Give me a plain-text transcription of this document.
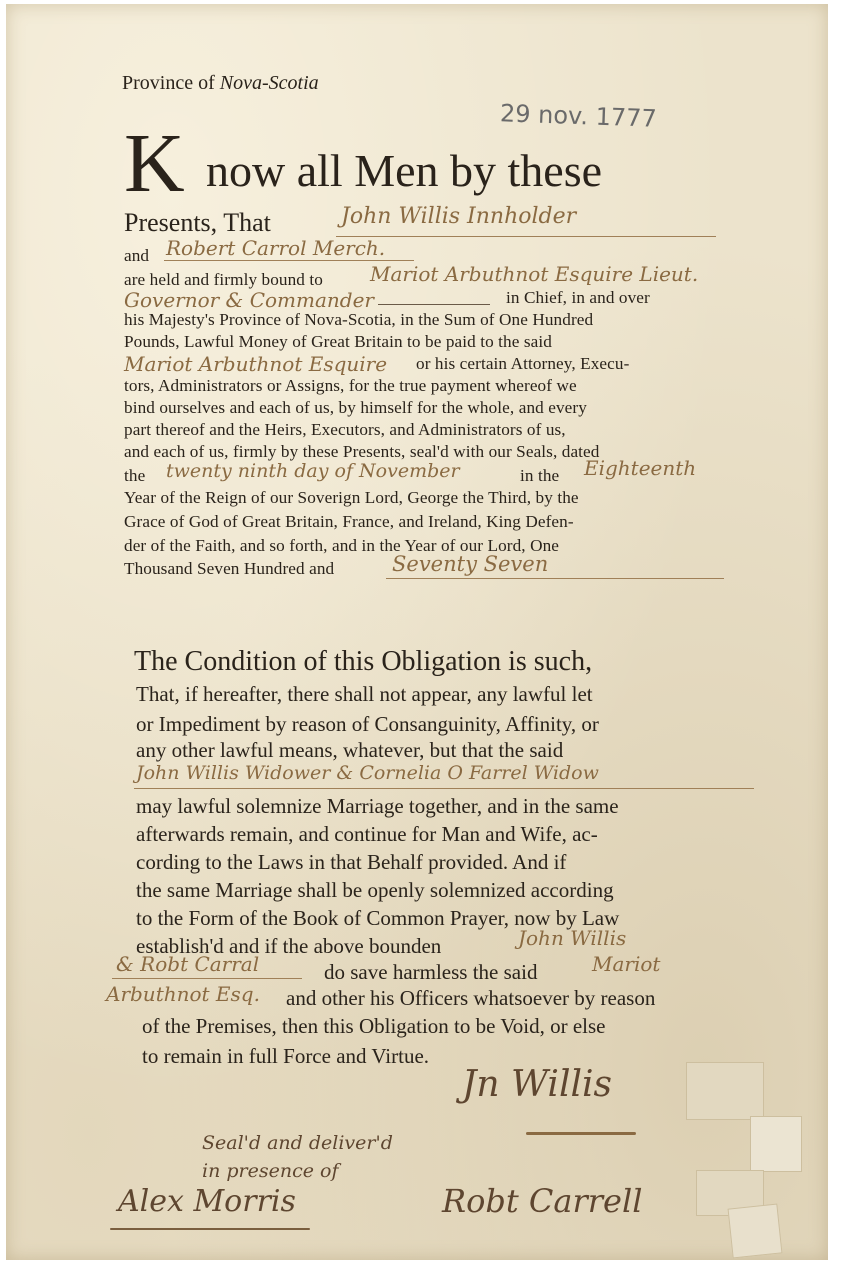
Province of Nova-Scotia
29 nov. 1777
K now all Men by these
Presents, That	John Willis Innholder
and Robert Carrol Merch.
are held and firmly bound to Mariot Arbuthnot Esquire Lieut.
Governor & Commander	in Chief, in and over
his Majesty's Province of Nova-Scotia, in the Sum of One Hundred
Pounds, Lawful Money of Great Britain to be paid to the said
Mariot Arbuthnot Esquire or his certain Attorney, Execu-
tors, Administrators or Assigns, for the true payment whereof we
bind ourselves and each of us, by himself for the whole, and every
part thereof and the Heirs, Executors, and Administrators of us,
and each of us, firmly by these Presents, seal'd with our Seals, dated
the twenty ninth day of November	in the Eighteenth
Year of the Reign of our Soverign Lord, George the Third, by the
Grace of God of Great Britain, France, and Ireland, King Defen-
der of the Faith, and so forth, and in the Year of our Lord, One
Thousand Seven Hundred and	Seventy Seven
The Condition of this Obligation is such,
That, if hereafter, there shall not appear, any lawful let
or Impediment by reason of Consanguinity, Affinity, or
any other lawful means, whatever, but that the said
John Willis Widower & Cornelia O Farrel Widow
may lawful solemnize Marriage together, and in the same
afterwards remain, and continue for Man and Wife, ac-
cording to the Laws in that Behalf provided. And if
the same Marriage shall be openly solemnized according
to the Form of the Book of Common Prayer, now by Law
establish'd and if the above bounden	John Willis
& Robt Carral	do save harmless the said	Mariot
Arbuthnot Esq. and other his Officers whatsoever by reason
of the Premises, then this Obligation to be Void, or else
to remain in full Force and Virtue.
Jn Willis
Seal'd and deliver'd
in presence of
Alex Morris	Robt Carrell
